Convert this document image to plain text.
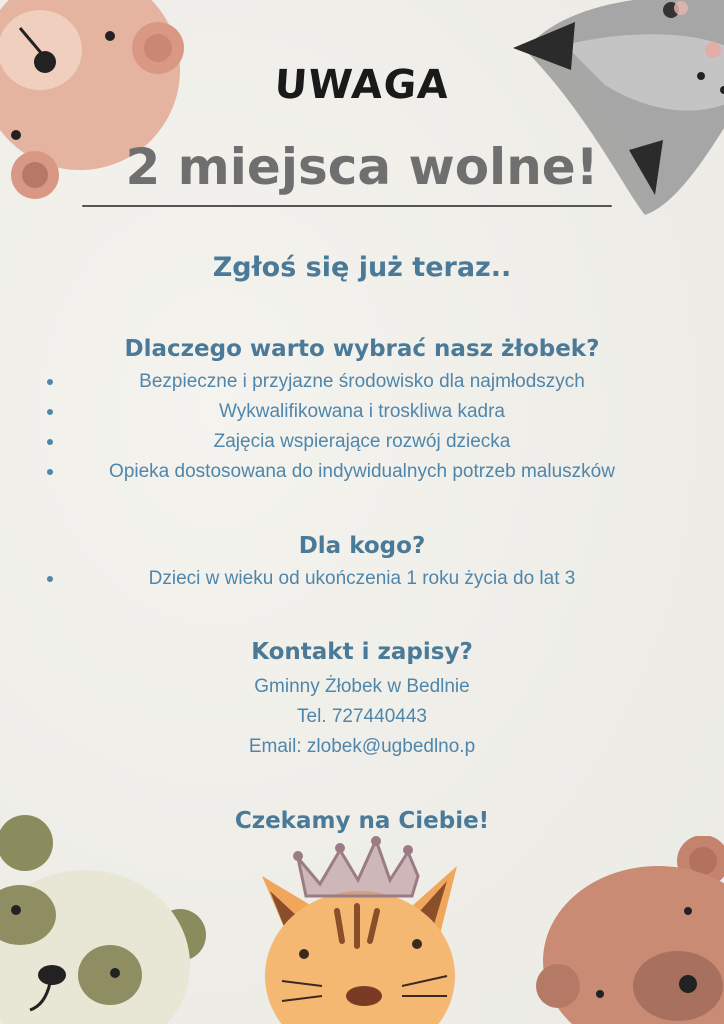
UWAGA
2 miejsca wolne!
Zgłoś się już teraz..
Dlaczego warto wybrać nasz żłobek?
Bezpieczne i przyjazne środowisko dla najmłodszych
Wykwalifikowana i troskliwa kadra
Zajęcia wspierające rozwój dziecka
Opieka dostosowana do indywidualnych potrzeb maluszków
Dla kogo?
Dzieci w wieku od ukończenia 1 roku życia do lat 3
Kontakt i zapisy?
Gminny Żłobek w Bedlnie
Tel. 727440443
Email: zlobek@ugbedlno.p
Czekamy na Ciebie!
